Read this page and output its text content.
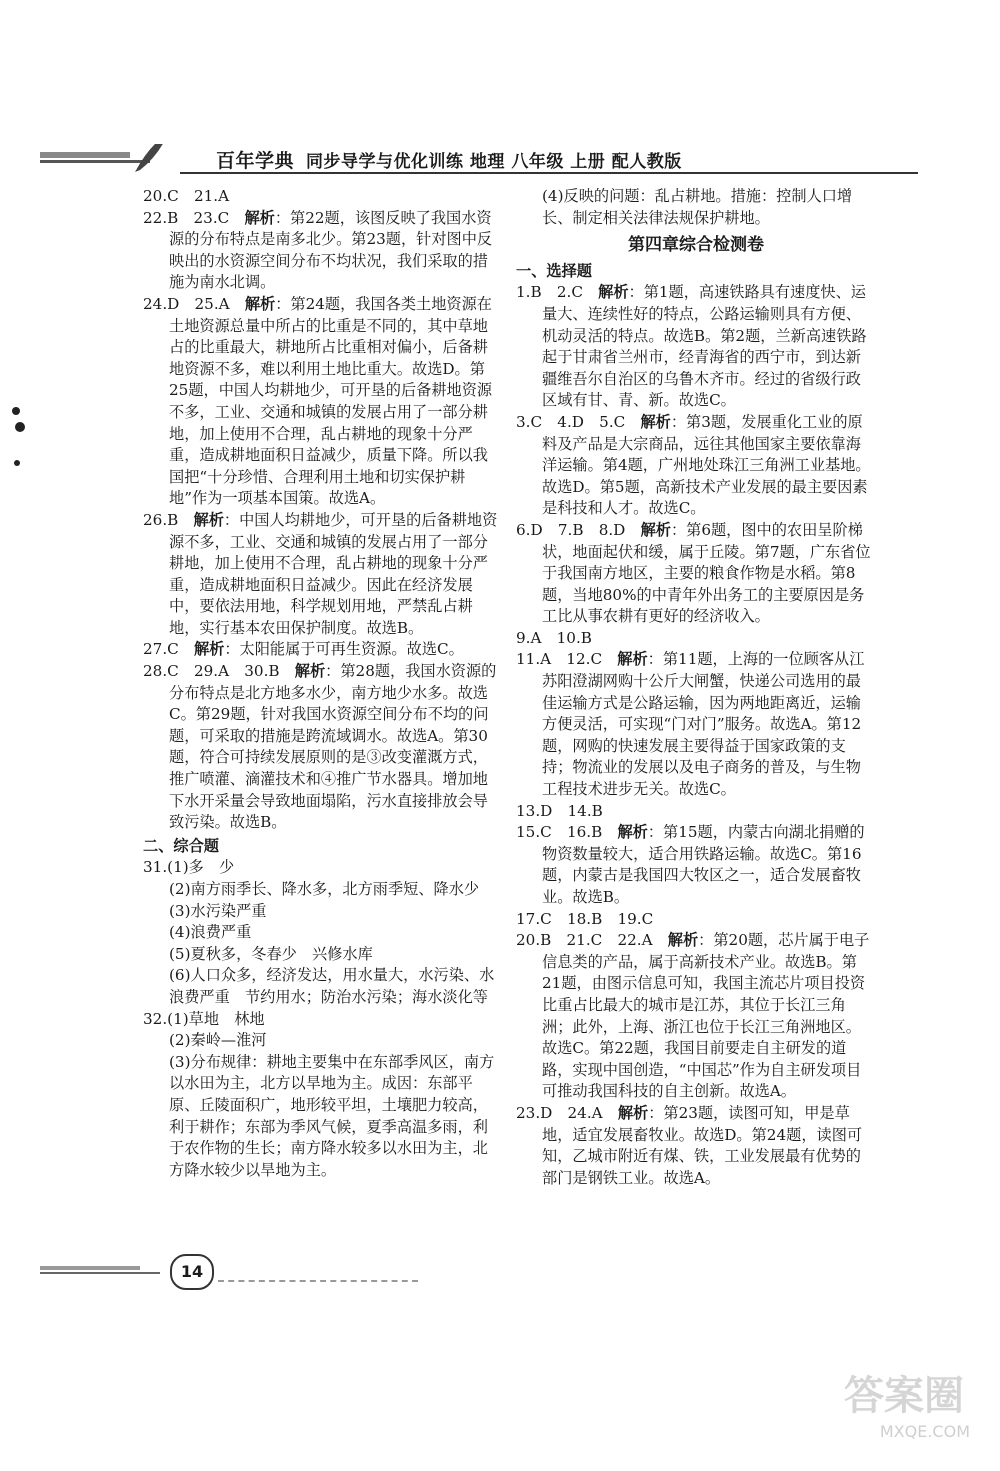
百年学典 同步导学与优化训练 地理 八年级 上册 配人教版

20.C　21.A

22.B　23.C　解析：第22题，该图反映了我国水资源的分布特点是南多北少。第23题，针对图中反映出的水资源空间分布不均状况，我们采取的措施为南水北调。

24.D　25.A　解析：第24题，我国各类土地资源在土地资源总量中所占的比重是不同的，其中草地占的比重最大，耕地所占比重相对偏小，后备耕地资源不多，难以利用土地比重大。故选D。第25题，中国人均耕地少，可开垦的后备耕地资源不多，工业、交通和城镇的发展占用了一部分耕地，加上使用不合理，乱占耕地的现象十分严重，造成耕地面积日益减少，质量下降。所以我国把“十分珍惜、合理利用土地和切实保护耕地”作为一项基本国策。故选A。

26.B　解析：中国人均耕地少，可开垦的后备耕地资源不多，工业、交通和城镇的发展占用了一部分耕地，加上使用不合理，乱占耕地的现象十分严重，造成耕地面积日益减少。因此在经济发展中，要依法用地，科学规划用地，严禁乱占耕地，实行基本农田保护制度。故选B。

27.C　解析：太阳能属于可再生资源。故选C。

28.C　29.A　30.B　解析：第28题，我国水资源的分布特点是北方地多水少，南方地少水多。故选C。第29题，针对我国水资源空间分布不均的问题，可采取的措施是跨流域调水。故选A。第30题，符合可持续发展原则的是③改变灌溉方式，推广喷灌、滴灌技术和④推广节水器具。增加地下水开采量会导致地面塌陷，污水直接排放会导致污染。故选B。

二、综合题

31.(1)多　少

(2)南方雨季长、降水多，北方雨季短、降水少

(3)水污染严重

(4)浪费严重

(5)夏秋多，冬春少　兴修水库

(6)人口众多，经济发达，用水量大，水污染、水浪费严重　节约用水；防治水污染；海水淡化等

32.(1)草地　林地

(2)秦岭—淮河

(3)分布规律：耕地主要集中在东部季风区，南方以水田为主，北方以旱地为主。成因：东部平原、丘陵面积广，地形较平坦，土壤肥力较高，利于耕作；东部为季风气候，夏季高温多雨，利于农作物的生长；南方降水较多以水田为主，北方降水较少以旱地为主。

(4)反映的问题：乱占耕地。措施：控制人口增长、制定相关法律法规保护耕地。

第四章综合检测卷

一、选择题

1.B　2.C　解析：第1题，高速铁路具有速度快、运量大、连续性好的特点，公路运输则具有方便、机动灵活的特点。故选B。第2题，兰新高速铁路起于甘肃省兰州市，经青海省的西宁市，到达新疆维吾尔自治区的乌鲁木齐市。经过的省级行政区域有甘、青、新。故选C。

3.C　4.D　5.C　解析：第3题，发展重化工业的原料及产品是大宗商品，远往其他国家主要依靠海洋运输。第4题，广州地处珠江三角洲工业基地。故选D。第5题，高新技术产业发展的最主要因素是科技和人才。故选C。

6.D　7.B　8.D　解析：第6题，图中的农田呈阶梯状，地面起伏和缓，属于丘陵。第7题，广东省位于我国南方地区，主要的粮食作物是水稻。第8题，当地80%的中青年外出务工的主要原因是务工比从事农耕有更好的经济收入。

9.A　10.B

11.A　12.C　解析：第11题，上海的一位顾客从江苏阳澄湖网购十公斤大闸蟹，快递公司选用的最佳运输方式是公路运输，因为两地距离近，运输方便灵活，可实现“门对门”服务。故选A。第12题，网购的快速发展主要得益于国家政策的支持；物流业的发展以及电子商务的普及，与生物工程技术进步无关。故选C。

13.D　14.B

15.C　16.B　解析：第15题，内蒙古向湖北捐赠的物资数量较大，适合用铁路运输。故选C。第16题，内蒙古是我国四大牧区之一，适合发展畜牧业。故选B。

17.C　18.B　19.C

20.B　21.C　22.A　解析：第20题，芯片属于电子信息类的产品，属于高新技术产业。故选B。第21题，由图示信息可知，我国主流芯片项目投资比重占比最大的城市是江苏，其位于长江三角洲；此外，上海、浙江也位于长江三角洲地区。故选C。第22题，我国目前要走自主研发的道路，实现中国创造，“中国芯”作为自主研发项目可推动我国科技的自主创新。故选A。

23.D　24.A　解析：第23题，读图可知，甲是草地，适宜发展畜牧业。故选D。第24题，读图可知，乙城市附近有煤、铁，工业发展最有优势的部门是钢铁工业。故选A。

14
答案圈
MXQE.COM
